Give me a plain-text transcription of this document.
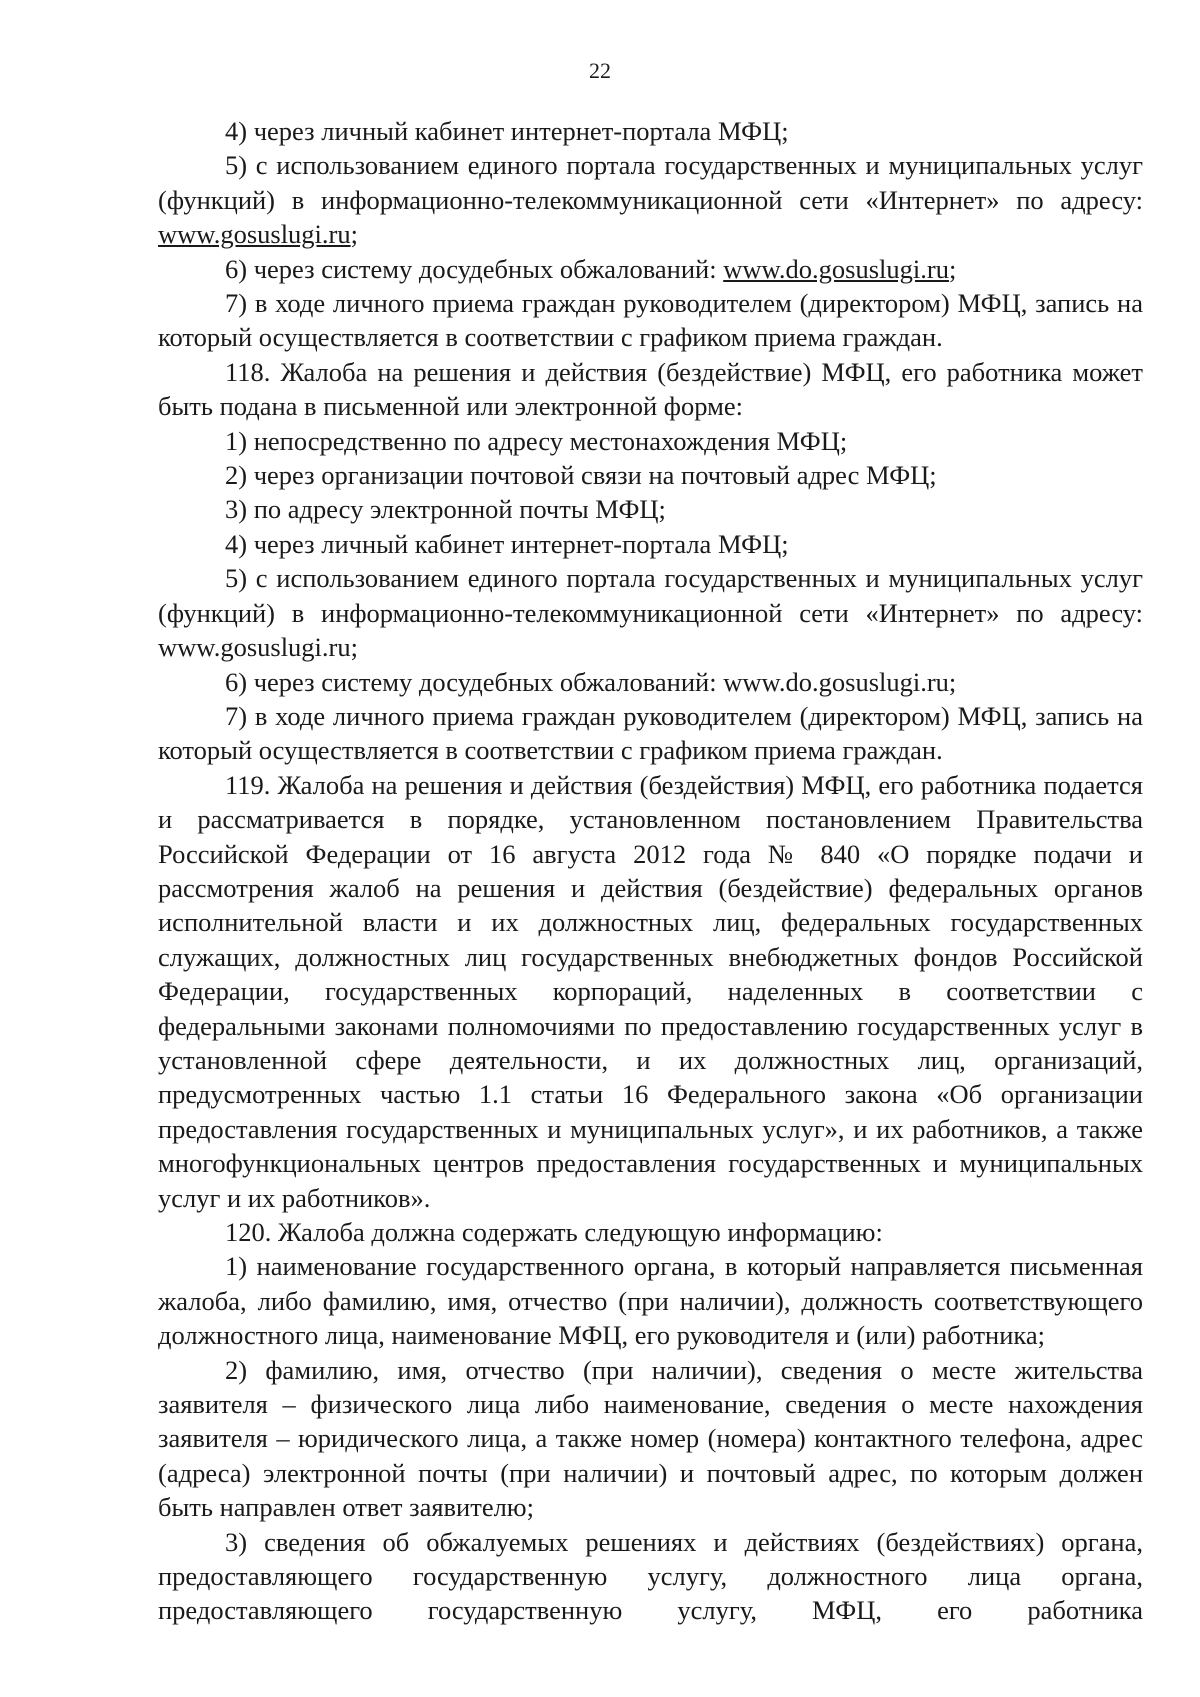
22

4) через личный кабинет интернет-портала МФЦ;

5) с использованием единого портала государственных и муниципальных услуг (функций) в информационно-телекоммуникационной сети «Интернет» по адресу: www.gosuslugi.ru;

6) через систему досудебных обжалований: www.do.gosuslugi.ru;

7) в ходе личного приема граждан руководителем (директором) МФЦ, запись на который осуществляется в соответствии с графиком приема граждан.

118. Жалоба на решения и действия (бездействие) МФЦ, его работника может быть подана в письменной или электронной форме:

1) непосредственно по адресу местонахождения МФЦ;

2) через организации почтовой связи на почтовый адрес МФЦ;

3) по адресу электронной почты МФЦ;

4) через личный кабинет интернет-портала МФЦ;

5) с использованием единого портала государственных и муниципальных услуг (функций) в информационно-телекоммуникационной сети «Интернет» по адресу: www.gosuslugi.ru;

6) через систему досудебных обжалований: www.do.gosuslugi.ru;

7) в ходе личного приема граждан руководителем (директором) МФЦ, запись на который осуществляется в соответствии с графиком приема граждан.

119. Жалоба на решения и действия (бездействия) МФЦ, его работника подается и рассматривается в порядке, установленном постановлением Правительства Российской Федерации от 16 августа 2012 года № 840 «О порядке подачи и рассмотрения жалоб на решения и действия (бездействие) федеральных органов исполнительной власти и их должностных лиц, федеральных государственных служащих, должностных лиц государственных внебюджетных фондов Российской Федерации, государственных корпораций, наделенных в соответствии с федеральными законами полномочиями по предоставлению государственных услуг в установленной сфере деятельности, и их должностных лиц, организаций, предусмотренных частью 1.1 статьи 16 Федерального закона «Об организации предоставления государственных и муниципальных услуг», и их работников, а также многофункциональных центров предоставления государственных и муниципальных услуг и их работников».

120. Жалоба должна содержать следующую информацию:

1) наименование государственного органа, в который направляется письменная жалоба, либо фамилию, имя, отчество (при наличии), должность соответствующего должностного лица, наименование МФЦ, его руководителя и (или) работника;

2) фамилию, имя, отчество (при наличии), сведения о месте жительства заявителя – физического лица либо наименование, сведения о месте нахождения заявителя – юридического лица, а также номер (номера) контактного телефона, адрес (адреса) электронной почты (при наличии) и почтовый адрес, по которым должен быть направлен ответ заявителю;

3) сведения об обжалуемых решениях и действиях (бездействиях) органа, предоставляющего государственную услугу, должностного лица органа, предоставляющего государственную услугу, МФЦ, его работника
